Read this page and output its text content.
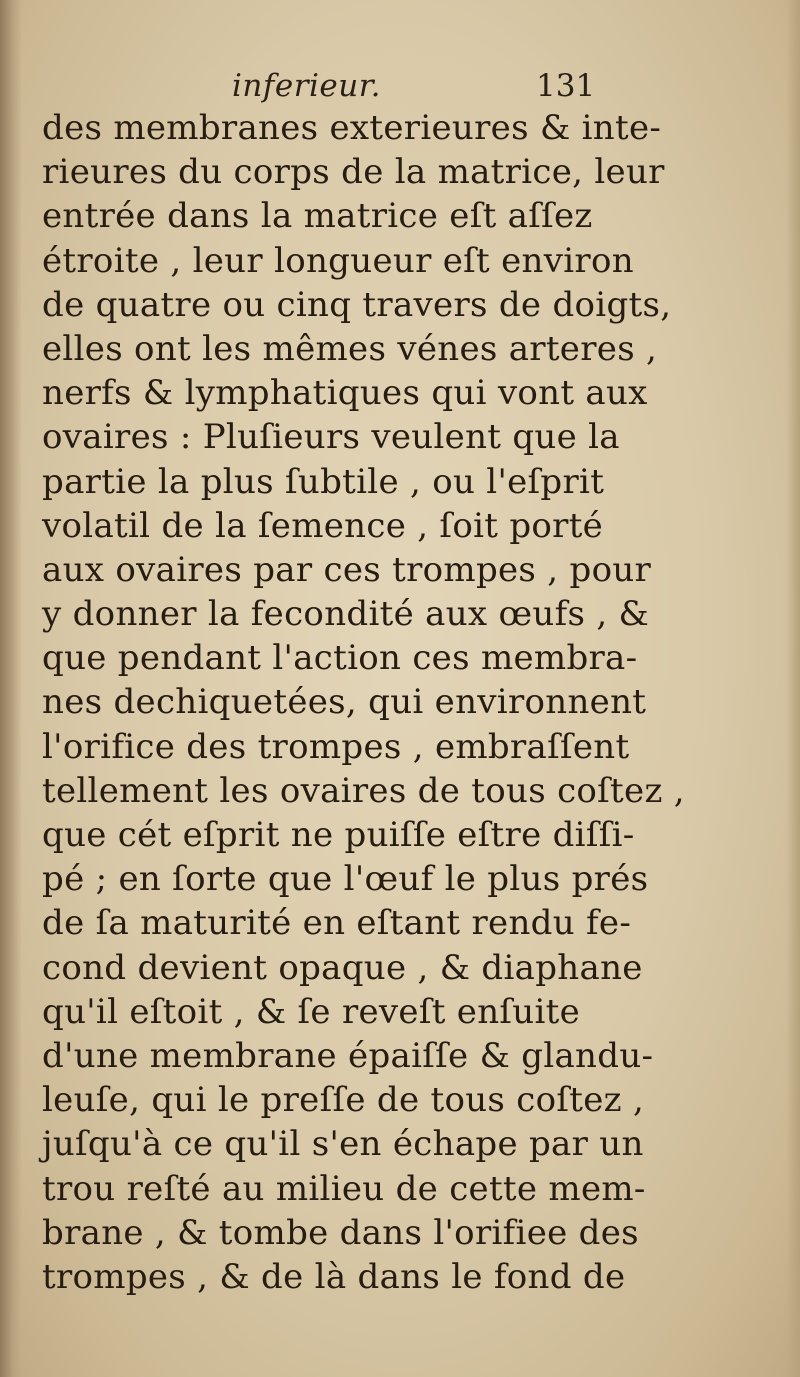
inferieur.	131
des membranes exterieures & inte-
rieures du corps de la matrice, leur
entrée dans la matrice eſt aſſez
étroite , leur longueur eſt environ
de quatre ou cinq travers de doigts,
elles ont les mêmes vénes arteres ,
nerfs & lymphatiques qui vont aux
ovaires : Pluſieurs veulent que la
partie la plus ſubtile , ou l'eſprit
volatil de la ſemence , ſoit porté
aux ovaires par ces trompes , pour
y donner la fecondité aux œufs , &
que pendant l'action ces membra-
nes dechiquetées, qui environnent
l'orifice des trompes , embraſſent
tellement les ovaires de tous coſtez ,
que cét eſprit ne puiſſe eſtre diſſi-
pé ; en ſorte que l'œuf le plus prés
de ſa maturité en eſtant rendu fe-
cond devient opaque , & diaphane
qu'il eſtoit , & ſe reveſt enſuite
d'une membrane épaiſſe & glandu-
leuſe, qui le preſſe de tous coſtez ,
juſqu'à ce qu'il s'en échape par un
trou reſté au milieu de cette mem-
brane , & tombe dans l'orifiee des
trompes , & de là dans le fond de
